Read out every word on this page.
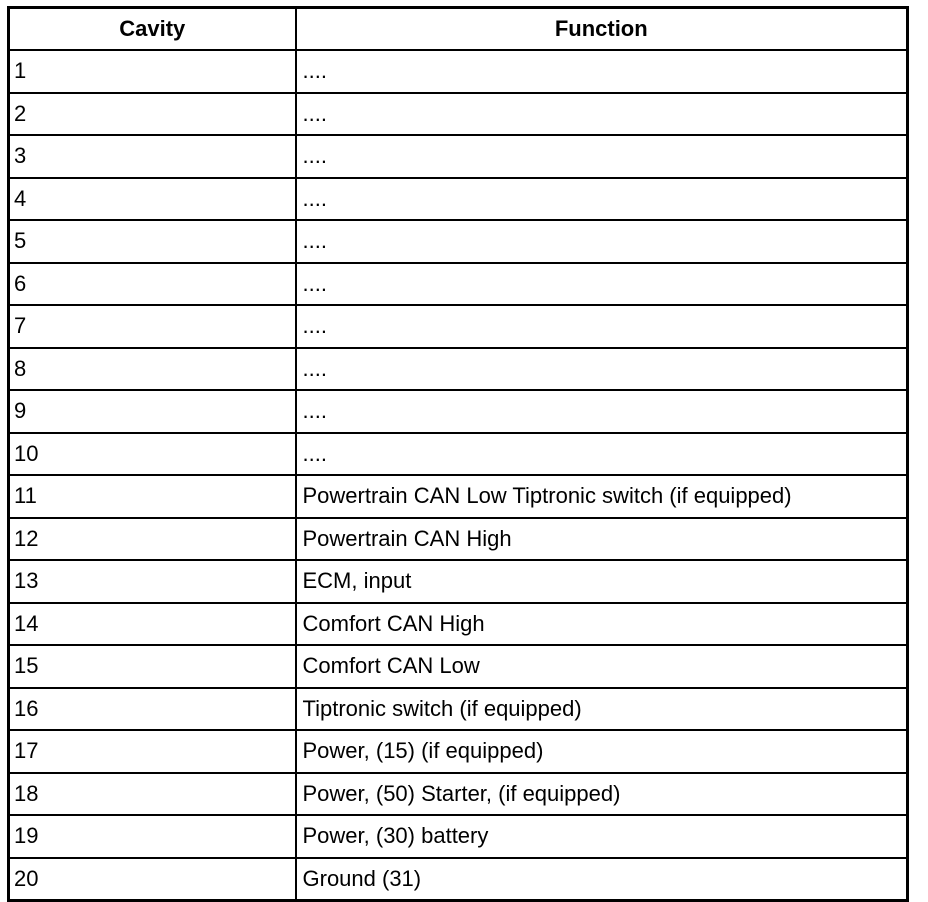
Cavity	Function
1	....
2	....
3	....
4	....
5	....
6	....
7	....
8	....
9	....
10	....
11	Powertrain CAN Low Tiptronic switch (if equipped)
12	Powertrain CAN High
13	ECM, input
14	Comfort CAN High
15	Comfort CAN Low
16	Tiptronic switch (if equipped)
17	Power, (15) (if equipped)
18	Power, (50) Starter, (if equipped)
19	Power, (30) battery
20	Ground (31)
